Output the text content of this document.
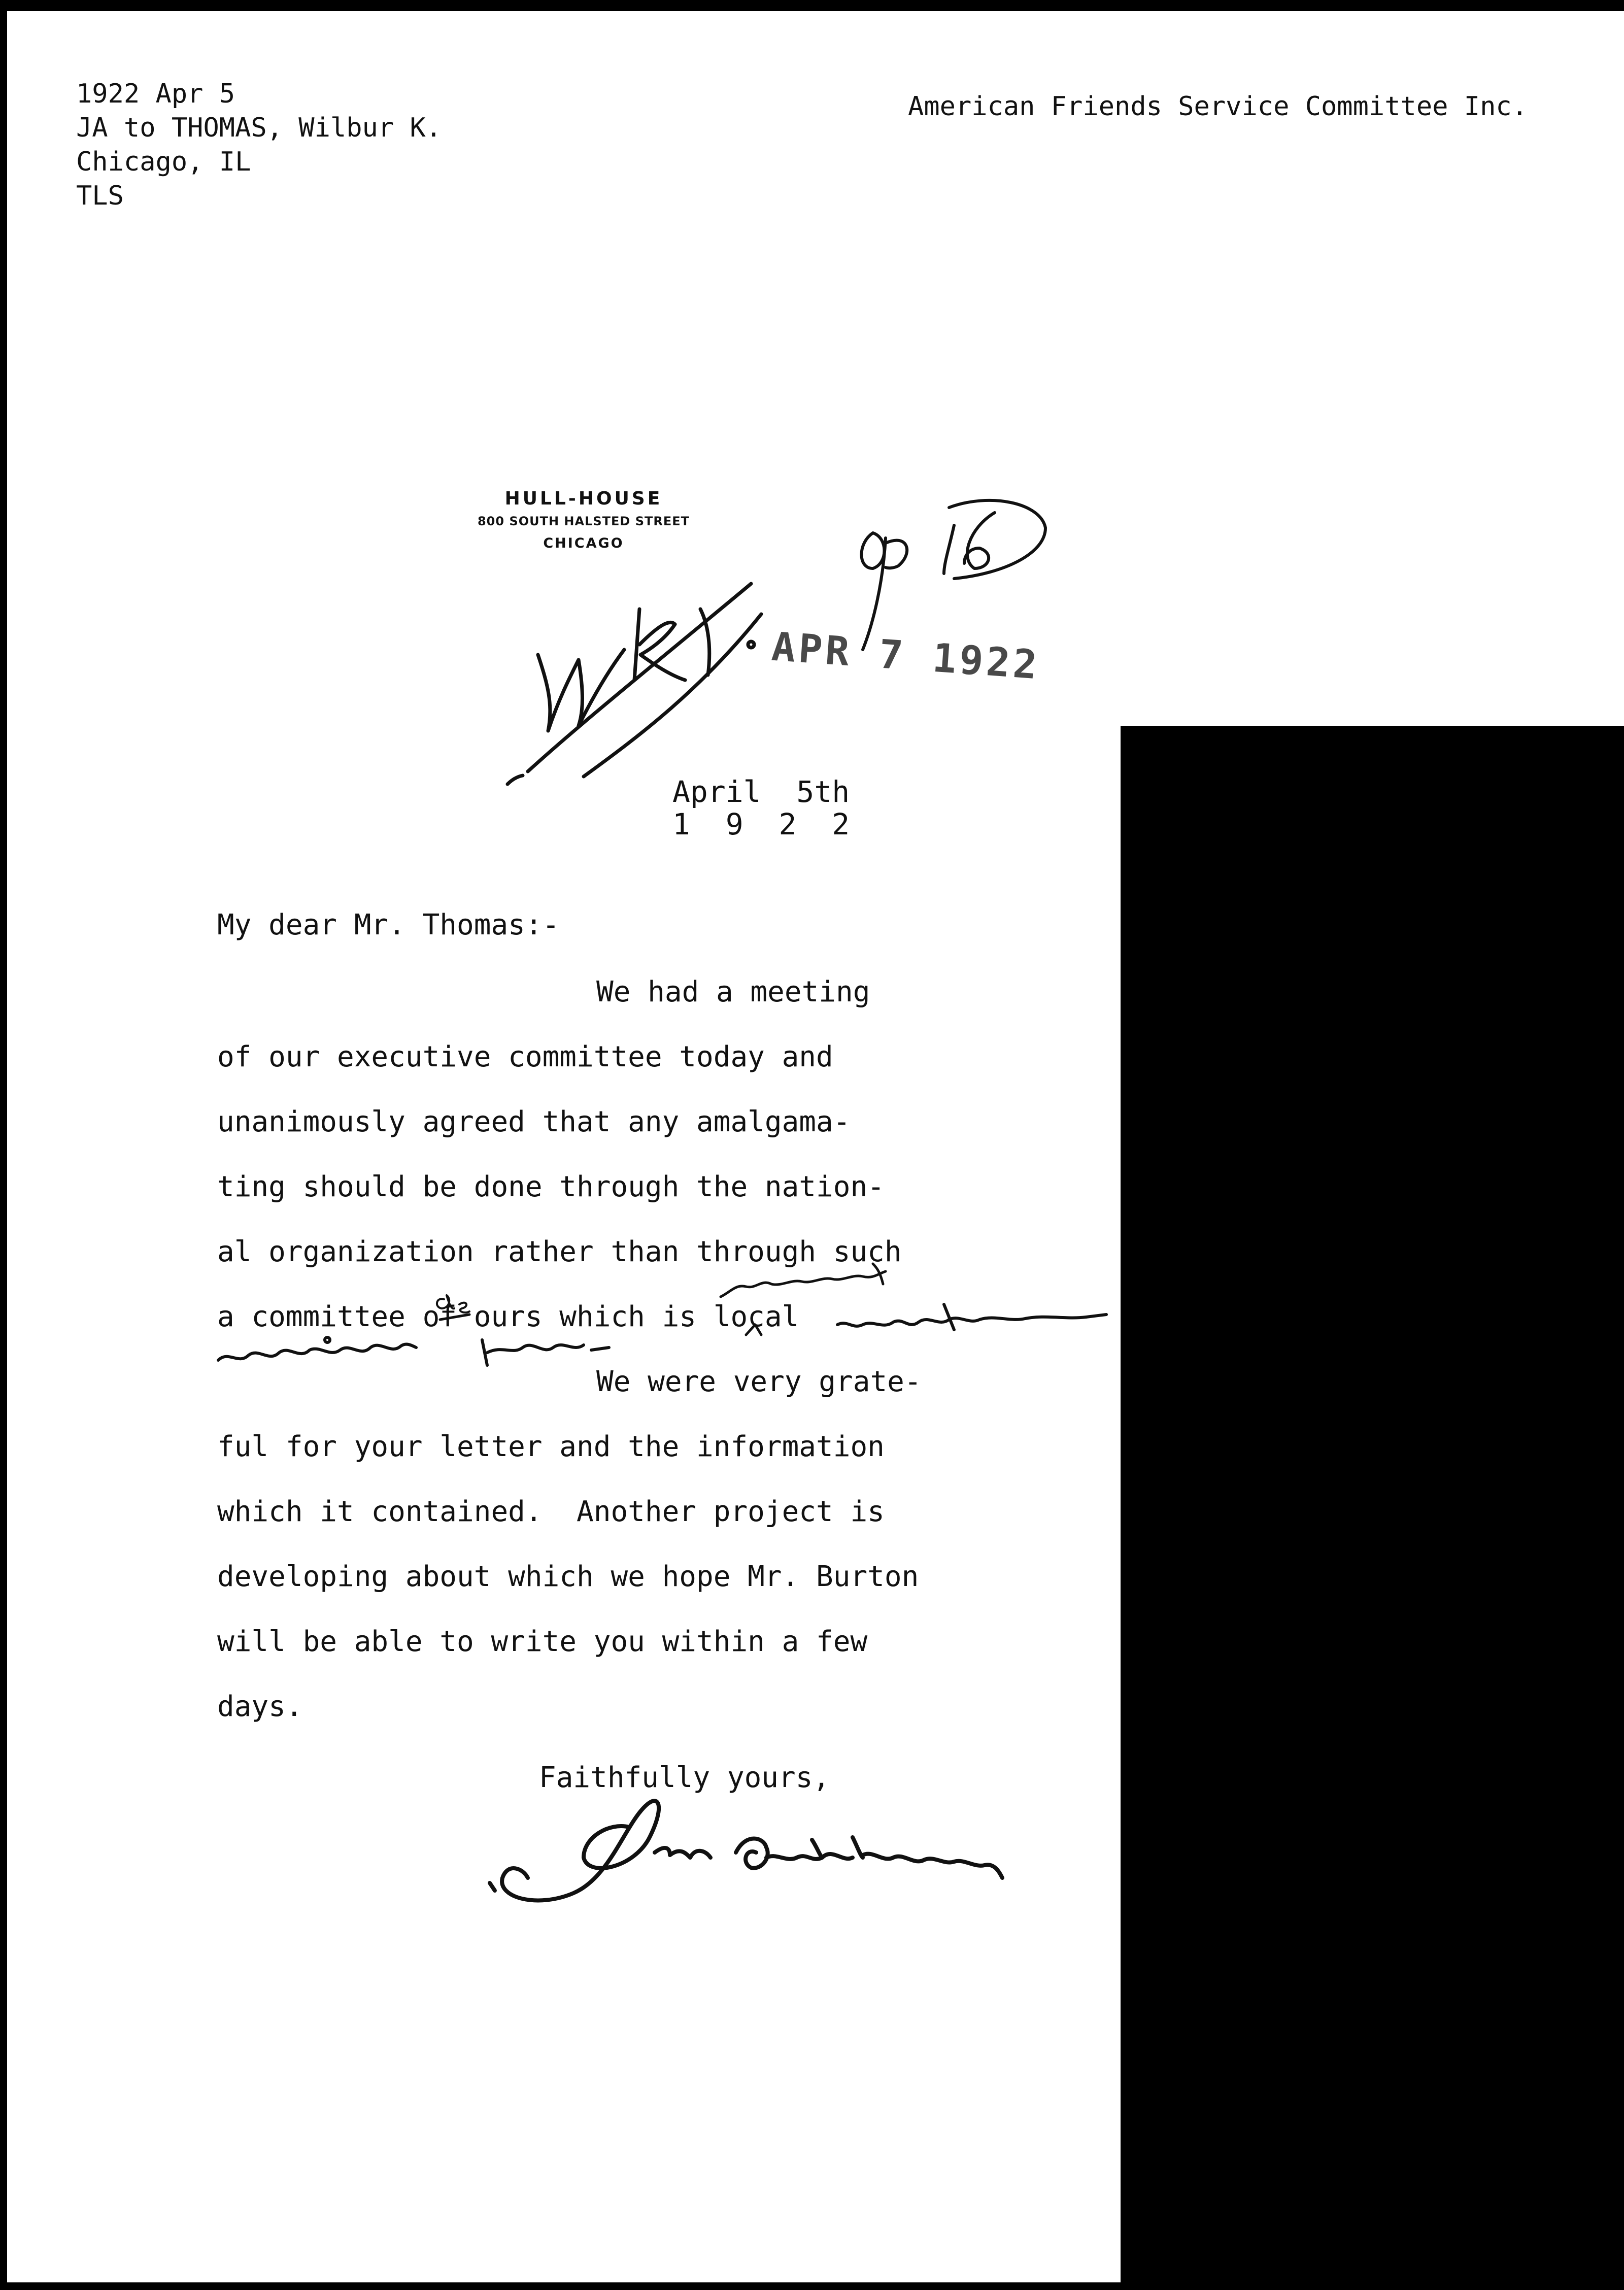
1922 Apr 5
JA to THOMAS, Wilbur K.
Chicago, IL
TLS
American Friends Service Committee Inc.
HULL-HOUSE
800 SOUTH HALSTED STREET
CHICAGO
APR 7 1922
April  5th
1  9  2  2
My dear Mr. Thomas:-
We had a meeting
of our executive committee today and
unanimously agreed that any amalgama-
ting should be done through the nation-
al organization rather than through such
a committee of ours which is local
We were very grate-
ful for your letter and the information
which it contained.  Another project is
developing about which we hope Mr. Burton
will be able to write you within a few
days.
Faithfully yours,
